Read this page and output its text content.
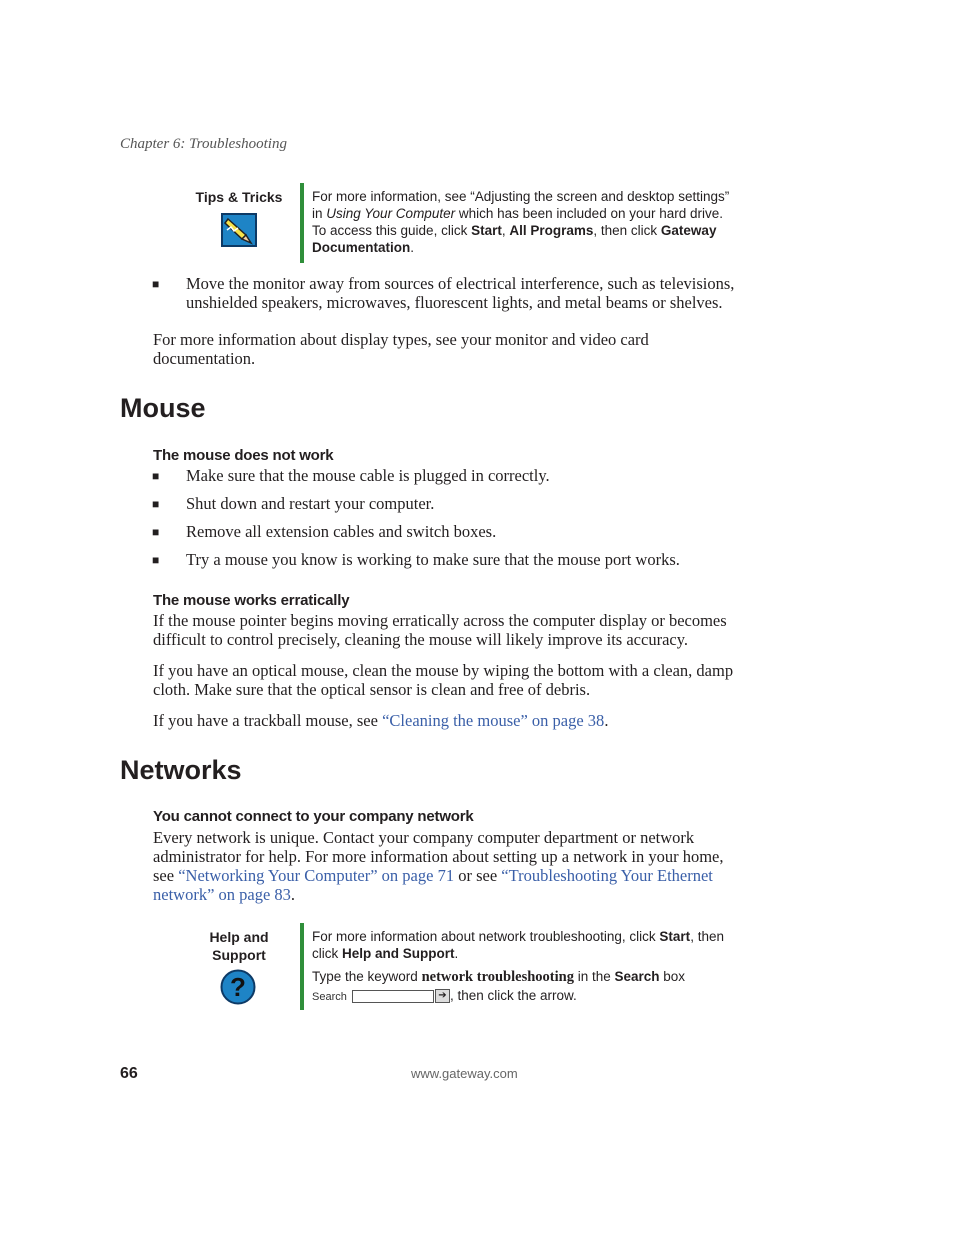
Chapter 6: Troubleshooting
Tips & Tricks	For more information, see “Adjusting the screen and desktop settings”
in Using Your Computer which has been included on your hard drive.
To access this guide, click Start, All Programs, then click Gateway
Documentation.
■ Move the monitor away from sources of electrical interference, such as televisions,
unshielded speakers, microwaves, fluorescent lights, and metal beams or shelves.
For more information about display types, see your monitor and video card
documentation.
Mouse
The mouse does not work
■ Make sure that the mouse cable is plugged in correctly.
■ Shut down and restart your computer.
■ Remove all extension cables and switch boxes.
■ Try a mouse you know is working to make sure that the mouse port works.
The mouse works erratically
If the mouse pointer begins moving erratically across the computer display or becomes
difficult to control precisely, cleaning the mouse will likely improve its accuracy.
If you have an optical mouse, clean the mouse by wiping the bottom with a clean, damp
cloth. Make sure that the optical sensor is clean and free of debris.
If you have a trackball mouse, see “Cleaning the mouse” on page 38.
Networks
You cannot connect to your company network
Every network is unique. Contact your company computer department or network
administrator for help. For more information about setting up a network in your home,
see “Networking Your Computer” on page 71 or see “Troubleshooting Your Ethernet
network” on page 83.
Help and
Support
?
For more information about network troubleshooting, click Start, then
click Help and Support.
Type the keyword network troubleshooting in the Search box
Search	➔ , then click the arrow.
66	www.gateway.com
